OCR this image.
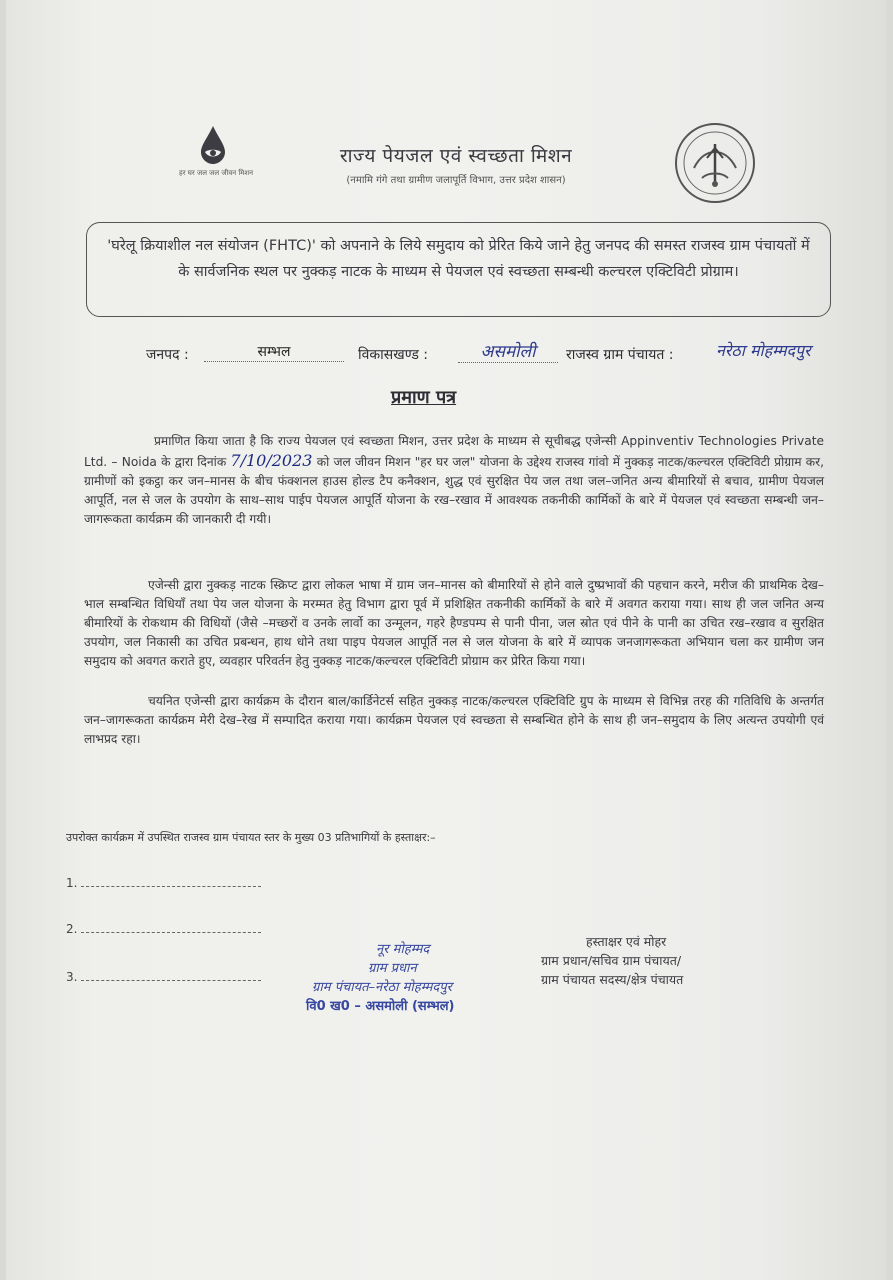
हर घर जल जल जीवन मिशन
राज्य पेयजल एवं स्वच्छता मिशन
(नमामि गंगे तथा ग्रामीण जलापूर्ति विभाग, उत्तर प्रदेश शासन)
'घरेलू क्रियाशील नल संयोजन (FHTC)' को अपनाने के लिये समुदाय को प्रेरित किये जाने हेतु जनपद की समस्त राजस्व ग्राम पंचायतों में के सार्वजनिक स्थल पर नुक्कड़ नाटक के माध्यम से पेयजल एवं स्वच्छता सम्बन्धी कल्चरल एक्टिविटी प्रोग्राम।
जनपद :	सम्भल	विकासखण्ड :	असमोली	राजस्व ग्राम पंचायत :	नरेठा मोहम्मदपुर
प्रमाण पत्र
प्रमाणित किया जाता है कि राज्य पेयजल एवं स्वच्छता मिशन, उत्तर प्रदेश के माध्यम से सूचीबद्ध एजेन्सी Appinventiv Technologies Private Ltd. – Noida के द्वारा दिनांक 7/10/2023 को जल जीवन मिशन "हर घर जल" योजना के उद्देश्य राजस्व गांवो में नुक्कड़ नाटक/कल्चरल एक्टिविटी प्रोग्राम कर, ग्रामीणों को इकट्ठा कर जन–मानस के बीच फंक्शनल हाउस होल्ड टैप कनैक्शन, शुद्ध एवं सुरक्षित पेय जल तथा जल–जनित अन्य बीमारियों से बचाव, ग्रामीण पेयजल आपूर्ति, नल से जल के उपयोग के साथ–साथ पाईप पेयजल आपूर्ति योजना के रख–रखाव में आवश्यक तकनीकी कार्मिकों के बारे में पेयजल एवं स्वच्छता सम्बन्धी जन–जागरूकता कार्यक्रम की जानकारी दी गयी।
एजेन्सी द्वारा नुक्कड़ नाटक स्क्रिप्ट द्वारा लोकल भाषा में ग्राम जन–मानस को बीमारियों से होने वाले दुष्प्रभावों की पहचान करने, मरीज की प्राथमिक देख–भाल सम्बन्धित विधियाँ तथा पेय जल योजना के मरम्मत हेतु विभाग द्वारा पूर्व में प्रशिक्षित तकनीकी कार्मिकों के बारे में अवगत कराया गया। साथ ही जल जनित अन्य बीमारियों के रोकथाम की विधियों (जैसे –मच्छरों व उनके लार्वो का उन्मूलन, गहरे हैण्डपम्प से पानी पीना, जल स्रोत एवं पीने के पानी का उचित रख–रखाव व सुरक्षित उपयोग, जल निकासी का उचित प्रबन्धन, हाथ धोने तथा पाइप पेयजल आपूर्ति नल से जल योजना के बारे में व्यापक जनजागरूकता अभियान चला कर ग्रामीण जन समुदाय को अवगत कराते हुए, व्यवहार परिवर्तन हेतु नुक्कड़ नाटक/कल्चरल एक्टिविटी प्रोग्राम कर प्रेरित किया गया।
चयनित एजेन्सी द्वारा कार्यक्रम के दौरान बाल/कार्डिनेटर्स सहित नुक्कड़ नाटक/कल्चरल एक्टिविटि ग्रुप के माध्यम से विभिन्न तरह की गतिविधि के अन्तर्गत जन–जागरूकता कार्यक्रम मेरी देख–रेख में सम्पादित कराया गया। कार्यक्रम पेयजल एवं स्वच्छता से सम्बन्धित होने के साथ ही जन–समुदाय के लिए अत्यन्त उपयोगी एवं लाभप्रद रहा।
उपरोक्त कार्यक्रम में उपस्थित राजस्व ग्राम पंचायत स्तर के मुख्य 03 प्रतिभागियों के हस्ताक्षर:–
1.
2.
3.
नूर मोहम्मद
ग्राम प्रधान
ग्राम पंचायत–नरेठा मोहम्मदपुर
वि0 ख0 – असमोली (सम्भल)
हस्ताक्षर एवं मोहर
ग्राम प्रधान/सचिव ग्राम पंचायत/
ग्राम पंचायत सदस्य/क्षेत्र पंचायत
